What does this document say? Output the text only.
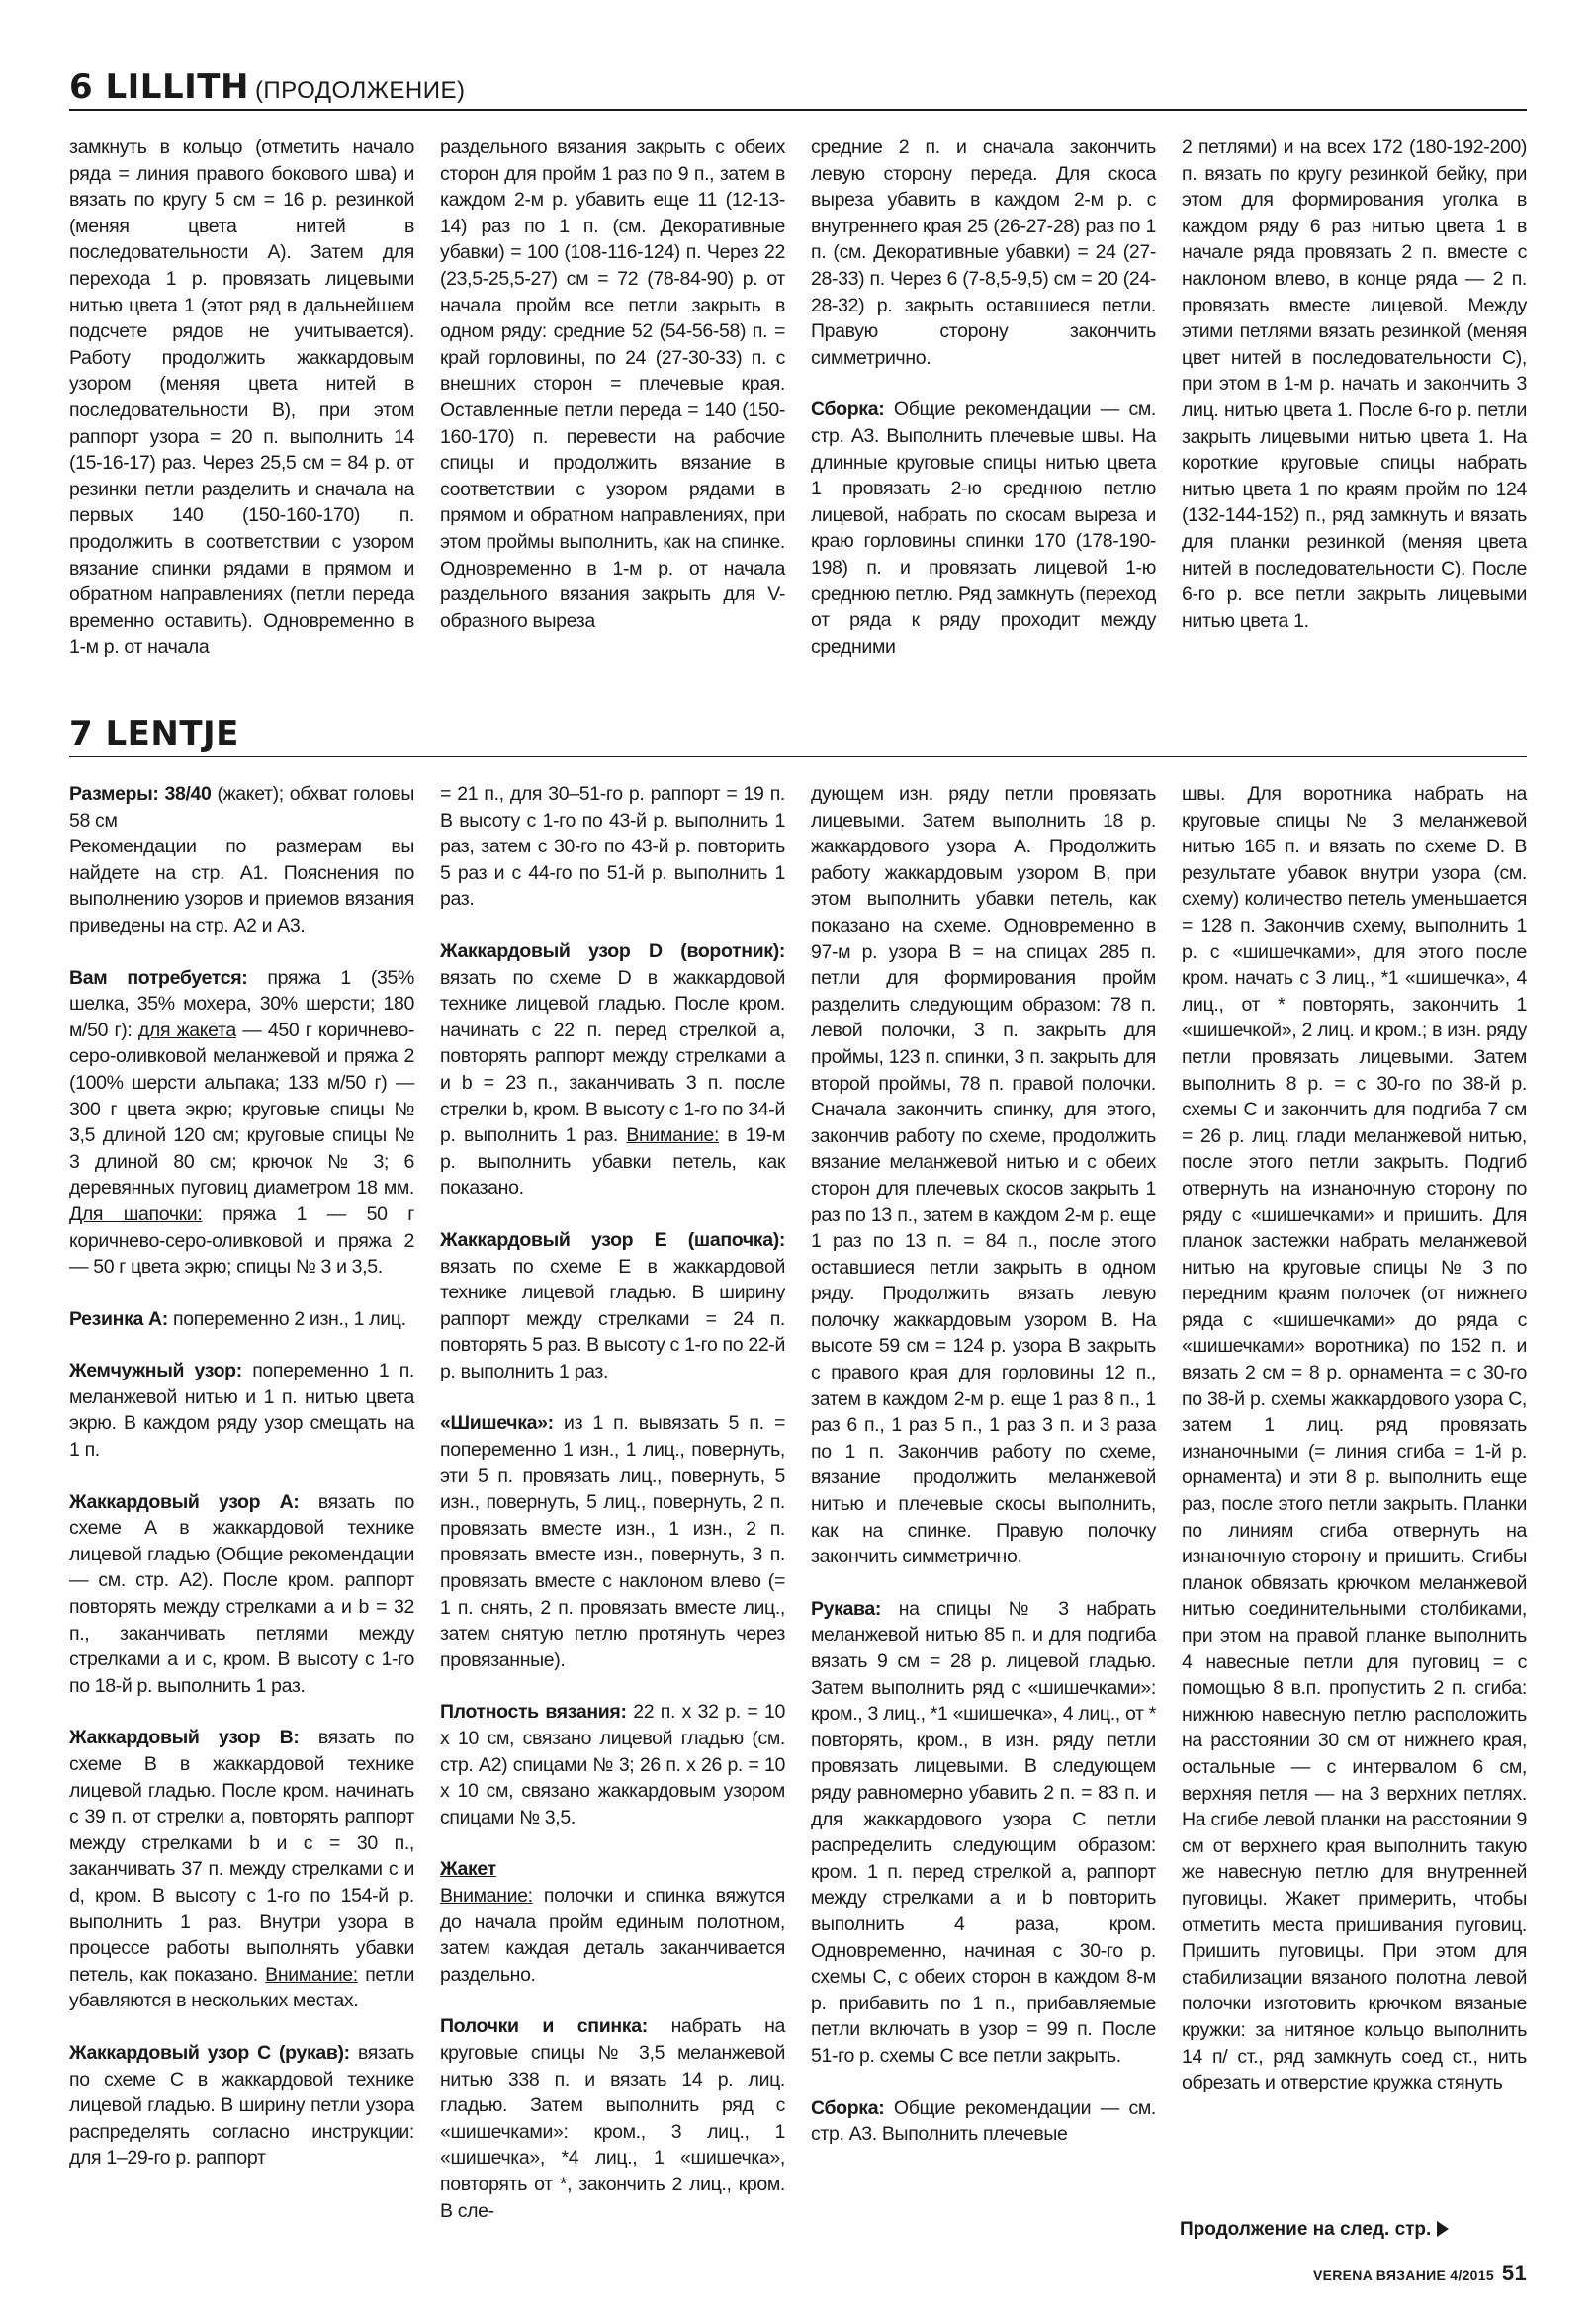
6 LILLITH (ПРОДОЛЖЕНИЕ)

замкнуть в кольцо (отметить начало ряда = линия правого бокового шва) и вязать по кругу 5 см = 16 р. резинкой (меняя цвета нитей в последовательности A). Затем для перехода 1 р. провязать лицевыми нитью цвета 1 (этот ряд в дальнейшем подсчете рядов не учитывается). Работу продолжить жаккардовым узором (меняя цвета нитей в последовательности B), при этом раппорт узора = 20 п. выполнить 14 (15-16-17) раз. Через 25,5 см = 84 р. от резинки петли разделить и сначала на первых 140 (150-160-170) п. продолжить в соответствии с узором вязание спинки рядами в прямом и обратном направлениях (петли переда временно оставить). Одновременно в 1-м р. от начала

раздельного вязания закрыть с обеих сторон для пройм 1 раз по 9 п., затем в каждом 2-м р. убавить еще 11 (12-13-14) раз по 1 п. (см. Декоративные убавки) = 100 (108-116-124) п. Через 22 (23,5-25,5-27) см = 72 (78-84-90) р. от начала пройм все петли закрыть в одном ряду: средние 52 (54-56-58) п. = край горловины, по 24 (27-30-33) п. с внешних сторон = плечевые края. Оставленные петли переда = 140 (150-160-170) п. перевести на рабочие спицы и продолжить вязание в соответствии с узором рядами в прямом и обратном направлениях, при этом проймы выполнить, как на спинке. Одновременно в 1-м р. от начала раздельного вязания закрыть для V-образного выреза

средние 2 п. и сначала закончить левую сторону переда. Для скоса выреза убавить в каждом 2-м р. с внутреннего края 25 (26-27-28) раз по 1 п. (см. Декоративные убавки) = 24 (27-28-33) п. Через 6 (7-8,5-9,5) см = 20 (24-28-32) р. закрыть оставшиеся петли. Правую сторону закончить симметрично.

Сборка: Общие рекомендации — см. стр. A3. Выполнить плечевые швы. На длинные круговые спицы нитью цвета 1 провязать 2-ю среднюю петлю лицевой, набрать по скосам выреза и краю горловины спинки 170 (178-190-198) п. и провязать лицевой 1-ю среднюю петлю. Ряд замкнуть (переход от ряда к ряду проходит между средними

2 петлями) и на всех 172 (180-192-200) п. вязать по кругу резинкой бейку, при этом для формирования уголка в каждом ряду 6 раз нитью цвета 1 в начале ряда провязать 2 п. вместе с наклоном влево, в конце ряда — 2 п. провязать вместе лицевой. Между этими петлями вязать резинкой (меняя цвет нитей в последовательности C), при этом в 1-м р. начать и закончить 3 лиц. нитью цвета 1. После 6-го р. петли закрыть лицевыми нитью цвета 1. На короткие круговые спицы набрать нитью цвета 1 по краям пройм по 124 (132-144-152) п., ряд замкнуть и вязать для планки резинкой (меняя цвета нитей в последовательности C). После 6-го р. все петли закрыть лицевыми нитью цвета 1.

7 LENTJE

Размеры: 38/40 (жакет); обхват головы 58 см
Рекомендации по размерам вы найдете на стр. A1. Пояснения по выполнению узоров и приемов вязания приведены на стр. A2 и A3.

Вам потребуется: пряжа 1 (35% шелка, 35% мохера, 30% шерсти; 180 м/50 г): для жакета — 450 г коричнево-серо-оливковой меланжевой и пряжа 2 (100% шерсти альпака; 133 м/50 г) — 300 г цвета экрю; круговые спицы № 3,5 длиной 120 см; круговые спицы № 3 длиной 80 см; крючок № 3; 6 деревянных пуговиц диаметром 18 мм. Для шапочки: пряжа 1 — 50 г коричнево-серо-оливковой и пряжа 2 — 50 г цвета экрю; спицы № 3 и 3,5.

Резинка A: попеременно 2 изн., 1 лиц.

Жемчужный узор: попеременно 1 п. меланжевой нитью и 1 п. нитью цвета экрю. В каждом ряду узор смещать на 1 п.

Жаккардовый узор A: вязать по схеме A в жаккардовой технике лицевой гладью (Общие рекомендации — см. стр. A2). После кром. раппорт повторять между стрелками a и b = 32 п., заканчивать петлями между стрелками a и c, кром. В высоту с 1-го по 18-й р. выполнить 1 раз.

Жаккардовый узор B: вязать по схеме B в жаккардовой технике лицевой гладью. После кром. начинать с 39 п. от стрелки a, повторять раппорт между стрелками b и c = 30 п., заканчивать 37 п. между стрелками c и d, кром. В высоту с 1-го по 154-й р. выполнить 1 раз. Внутри узора в процессе работы выполнять убавки петель, как показано. Внимание: петли убавляются в нескольких местах.

Жаккардовый узор C (рукав): вязать по схеме C в жаккардовой технике лицевой гладью. В ширину петли узора распределять согласно инструкции: для 1–29-го р. раппорт

= 21 п., для 30–51-го р. раппорт = 19 п. В высоту с 1-го по 43-й р. выполнить 1 раз, затем с 30-го по 43-й р. повторить 5 раз и с 44-го по 51-й р. выполнить 1 раз.

Жаккардовый узор D (воротник): вязать по схеме D в жаккардовой технике лицевой гладью. После кром. начинать с 22 п. перед стрелкой a, повторять раппорт между стрелками a и b = 23 п., заканчивать 3 п. после стрелки b, кром. В высоту с 1-го по 34-й р. выполнить 1 раз. Внимание: в 19-м р. выполнить убавки петель, как показано.

Жаккардовый узор E (шапочка): вязать по схеме E в жаккардовой технике лицевой гладью. В ширину раппорт между стрелками = 24 п. повторять 5 раз. В высоту с 1-го по 22-й р. выполнить 1 раз.

«Шишечка»: из 1 п. вывязать 5 п. = попеременно 1 изн., 1 лиц., повернуть, эти 5 п. провязать лиц., повернуть, 5 изн., повернуть, 5 лиц., повернуть, 2 п. провязать вместе изн., 1 изн., 2 п. провязать вместе изн., повернуть, 3 п. провязать вместе с наклоном влево (= 1 п. снять, 2 п. провязать вместе лиц., затем снятую петлю протянуть через провязанные).

Плотность вязания: 22 п. х 32 р. = 10 х 10 см, связано лицевой гладью (см. стр. A2) спицами № 3; 26 п. х 26 р. = 10 х 10 см, связано жаккардовым узором спицами № 3,5.

Жакет
Внимание: полочки и спинка вяжутся до начала пройм единым полотном, затем каждая деталь заканчивается раздельно.

Полочки и спинка: набрать на круговые спицы № 3,5 меланжевой нитью 338 п. и вязать 14 р. лиц. гладью. Затем выполнить ряд с «шишечками»: кром., 3 лиц., 1 «шишечка», *4 лиц., 1 «шишечка», повторять от *, закончить 2 лиц., кром. В сле-

дующем изн. ряду петли провязать лицевыми. Затем выполнить 18 р. жаккардового узора A. Продолжить работу жаккардовым узором B, при этом выполнить убавки петель, как показано на схеме. Одновременно в 97-м р. узора B = на спицах 285 п. петли для формирования пройм разделить следующим образом: 78 п. левой полочки, 3 п. закрыть для проймы, 123 п. спинки, 3 п. закрыть для второй проймы, 78 п. правой полочки. Сначала закончить спинку, для этого, закончив работу по схеме, продолжить вязание меланжевой нитью и с обеих сторон для плечевых скосов закрыть 1 раз по 13 п., затем в каждом 2-м р. еще 1 раз по 13 п. = 84 п., после этого оставшиеся петли закрыть в одном ряду. Продолжить вязать левую полочку жаккардовым узором B. На высоте 59 см = 124 р. узора B закрыть с правого края для горловины 12 п., затем в каждом 2-м р. еще 1 раз 8 п., 1 раз 6 п., 1 раз 5 п., 1 раз 3 п. и 3 раза по 1 п. Закончив работу по схеме, вязание продолжить меланжевой нитью и плечевые скосы выполнить, как на спинке. Правую полочку закончить симметрично.

Рукава: на спицы № 3 набрать меланжевой нитью 85 п. и для подгиба вязать 9 см = 28 р. лицевой гладью. Затем выполнить ряд с «шишечками»: кром., 3 лиц., *1 «шишечка», 4 лиц., от * повторять, кром., в изн. ряду петли провязать лицевыми. В следующем ряду равномерно убавить 2 п. = 83 п. и для жаккардового узора C петли распределить следующим образом: кром. 1 п. перед стрелкой a, раппорт между стрелками a и b повторить выполнить 4 раза, кром. Одновременно, начиная с 30-го р. схемы C, с обеих сторон в каждом 8-м р. прибавить по 1 п., прибавляемые петли включать в узор = 99 п. После 51-го р. схемы C все петли закрыть.

Сборка: Общие рекомендации — см. стр. A3. Выполнить плечевые

швы. Для воротника набрать на круговые спицы № 3 меланжевой нитью 165 п. и вязать по схеме D. В результате убавок внутри узора (см. схему) количество петель уменьшается = 128 п. Закончив схему, выполнить 1 р. с «шишечками», для этого после кром. начать с 3 лиц., *1 «шишечка», 4 лиц., от * повторять, закончить 1 «шишечкой», 2 лиц. и кром.; в изн. ряду петли провязать лицевыми. Затем выполнить 8 р. = с 30-го по 38-й р. схемы C и закончить для подгиба 7 см = 26 р. лиц. глади меланжевой нитью, после этого петли закрыть. Подгиб отвернуть на изнаночную сторону по ряду с «шишечками» и пришить. Для планок застежки набрать меланжевой нитью на круговые спицы № 3 по передним краям полочек (от нижнего ряда с «шишечками» до ряда с «шишечками» воротника) по 152 п. и вязать 2 см = 8 р. орнамента = с 30-го по 38-й р. схемы жаккардового узора C, затем 1 лиц. ряд провязать изнаночными (= линия сгиба = 1-й р. орнамента) и эти 8 р. выполнить еще раз, после этого петли закрыть. Планки по линиям сгиба отвернуть на изнаночную сторону и пришить. Сгибы планок обвязать крючком меланжевой нитью соединительными столбиками, при этом на правой планке выполнить 4 навесные петли для пуговиц = с помощью 8 в.п. пропустить 2 п. сгиба: нижнюю навесную петлю расположить на расстоянии 30 см от нижнего края, остальные — с интервалом 6 см, верхняя петля — на 3 верхних петлях. На сгибе левой планки на расстоянии 9 см от верхнего края выполнить такую же навесную петлю для внутренней пуговицы. Жакет примерить, чтобы отметить места пришивания пуговиц. Пришить пуговицы. При этом для стабилизации вязаного полотна левой полочки изготовить крючком вязаные кружки: за нитяное кольцо выполнить 14 п/ ст., ряд замкнуть соед ст., нить обрезать и отверстие кружка стянуть

Продолжение на след. стр.
VERENA ВЯЗАНИЕ 4/2015 51
